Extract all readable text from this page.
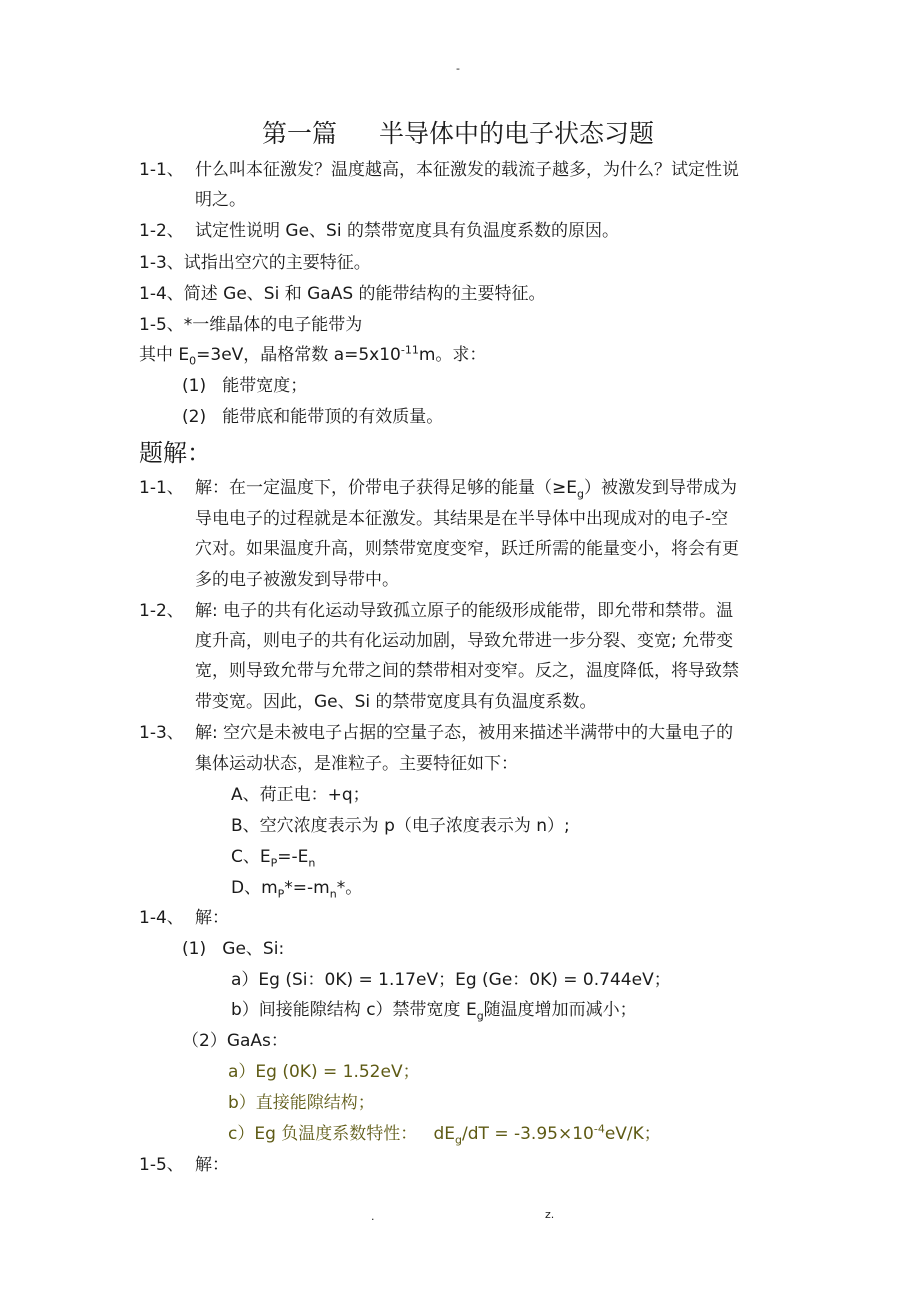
-
第一篇 半导体中的电子状态习题
1-1、 什么叫本征激发？温度越高，本征激发的载流子越多，为什么？试定性说
明之。
1-2、 试定性说明 Ge、Si 的禁带宽度具有负温度系数的原因。
1-3、试指出空穴的主要特征。
1-4、简述 Ge、Si 和 GaAS 的能带结构的主要特征。
1-5、*一维晶体的电子能带为
其中 $E_0=3eV$，晶格常数 $a=5x10^{-11}m$。求：
(1)   能带宽度；
(2)   能带底和能带顶的有效质量。
题解：
1-1、 解：在一定温度下，价带电子获得足够的能量$(\ge E_g)$被激发到导带成为
导电电子的过程就是本征激发。其结果是在半导体中出现成对的电子-空
穴对。如果温度升高，则禁带宽度变窄，跃迁所需的能量变小，将会有更
多的电子被激发到导带中。
1-2、 解: 电子的共有化运动导致孤立原子的能级形成能带，即允带和禁带。温
度升高，则电子的共有化运动加剧，导致允带进一步分裂、变宽; 允带变
宽，则导致允带与允带之间的禁带相对变窄。反之，温度降低，将导致禁
带变宽。因此，Ge、Si 的禁带宽度具有负温度系数。
1-3、 解: 空穴是未被电子占据的空量子态，被用来描述半满带中的大量电子的
集体运动状态，是准粒子。主要特征如下：
A、荷正电：+q；
B、空穴浓度表示为 p（电子浓度表示为 n）;
C、$E_P=-E_n$
D、$m_P*=-m_n*$。
1-4、 解：
(1)   Ge、Si:
a）Eg (Si：0K) = 1.17eV；Eg (Ge：0K) = 0.744eV；
b）间接能隙结构 c）禁带宽度 $E_g$随温度增加而减小；
（2）GaAs：
a）Eg (0K) = 1.52eV；
b）直接能隙结构；
c）Eg 负温度系数特性：   $dE_g/dT = -3.95\times 10^{-4}eV/K$；
1-5、 解：
.	z.
